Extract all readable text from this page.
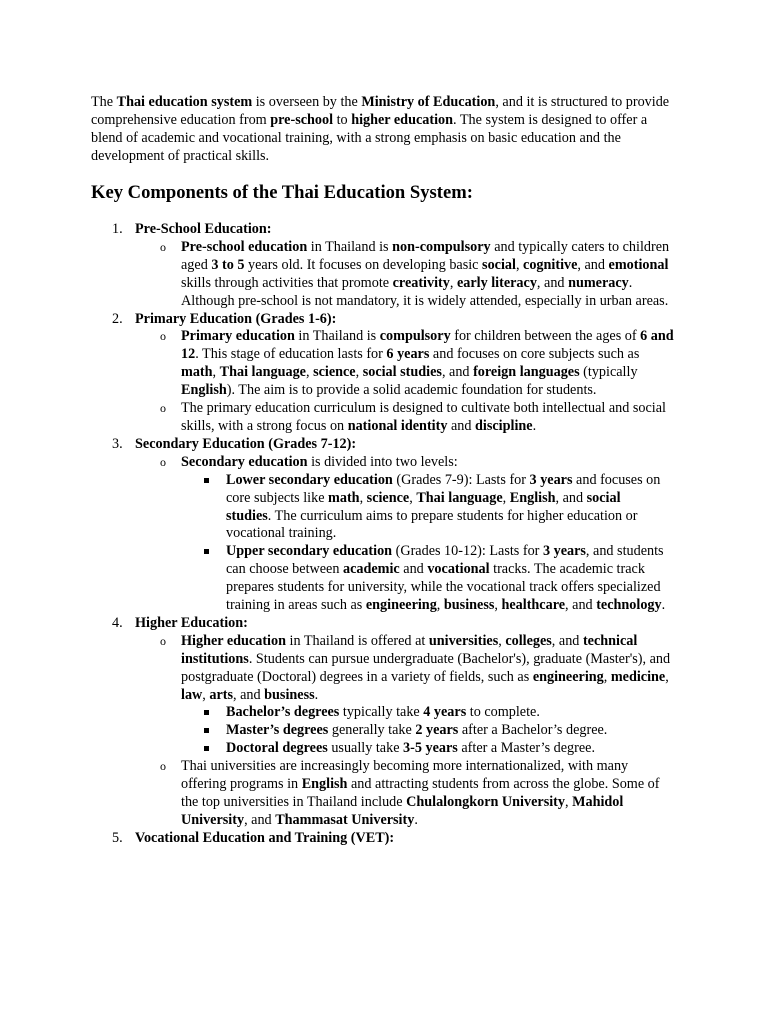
The Thai education system is overseen by the Ministry of Education, and it is structured to provide comprehensive education from pre-school to higher education. The system is designed to offer a blend of academic and vocational training, with a strong emphasis on basic education and the development of practical skills.

Key Components of the Thai Education System:
1. Pre-School Education:
o Pre-school education in Thailand is non-compulsory and typically caters to children aged 3 to 5 years old. It focuses on developing basic social, cognitive, and emotional skills through activities that promote creativity, early literacy, and numeracy. Although pre-school is not mandatory, it is widely attended, especially in urban areas.
2. Primary Education (Grades 1-6):
o Primary education in Thailand is compulsory for children between the ages of 6 and 12. This stage of education lasts for 6 years and focuses on core subjects such as math, Thai language, science, social studies, and foreign languages (typically English). The aim is to provide a solid academic foundation for students.
o The primary education curriculum is designed to cultivate both intellectual and social skills, with a strong focus on national identity and discipline.
3. Secondary Education (Grades 7-12):
o Secondary education is divided into two levels:
Lower secondary education (Grades 7-9): Lasts for 3 years and focuses on core subjects like math, science, Thai language, English, and social studies. The curriculum aims to prepare students for higher education or vocational training.
Upper secondary education (Grades 10-12): Lasts for 3 years, and students can choose between academic and vocational tracks. The academic track prepares students for university, while the vocational track offers specialized training in areas such as engineering, business, healthcare, and technology.
4. Higher Education:
o Higher education in Thailand is offered at universities, colleges, and technical institutions. Students can pursue undergraduate (Bachelor's), graduate (Master's), and postgraduate (Doctoral) degrees in a variety of fields, such as engineering, medicine, law, arts, and business.
Bachelor’s degrees typically take 4 years to complete.
Master’s degrees generally take 2 years after a Bachelor’s degree.
Doctoral degrees usually take 3-5 years after a Master’s degree.
o Thai universities are increasingly becoming more internationalized, with many offering programs in English and attracting students from across the globe. Some of the top universities in Thailand include Chulalongkorn University, Mahidol University, and Thammasat University.
5. Vocational Education and Training (VET):
